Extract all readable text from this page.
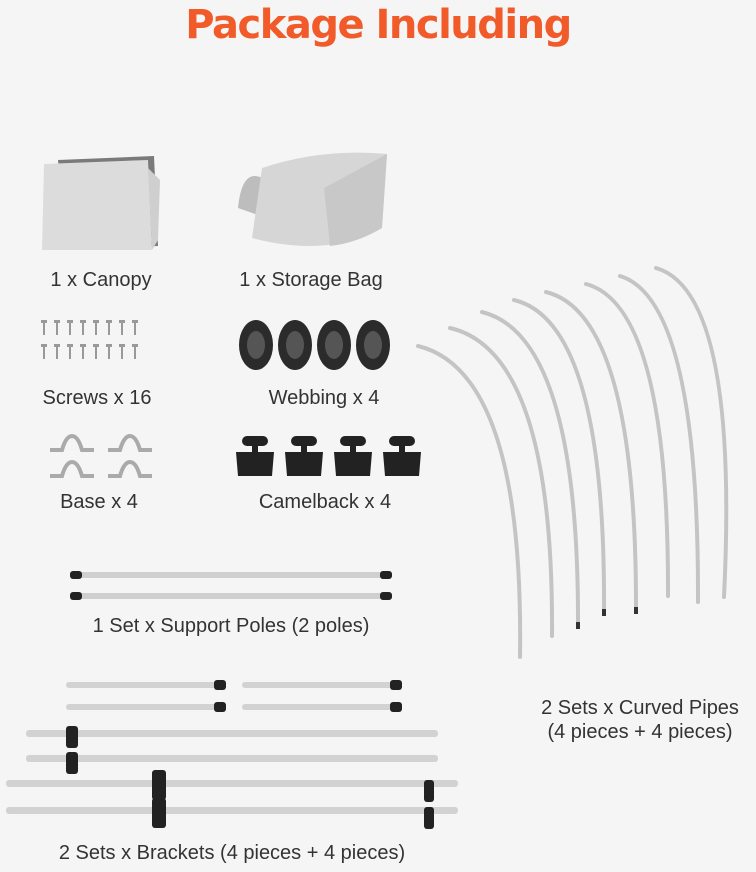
Package Including
1 x Canopy	1 x Storage Bag
Screws x 16	Webbing x 4
Base x 4	Camelback x 4
1 Set x Support Poles (2 poles)
2 Sets x Curved Pipes
(4 pieces + 4 pieces)
2 Sets x Brackets (4 pieces + 4 pieces)
